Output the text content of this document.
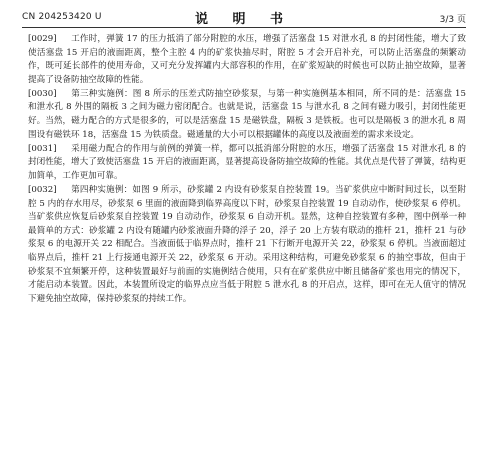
CN 204253420 U	说 明 书	3/3 页

[0029] 工作时，弹簧 17 的压力抵消了部分附腔的水压，增强了活塞盘 15 对泄水孔 8 的封闭性能，增大了致使活塞盘 15 开启的液面距离，整个主腔 4 内的矿浆快抽尽时，附腔 5 才会开启补充，可以防止活塞盘的频繁动作，既可延长部件的使用寿命，又可充分发挥罐内大部容积的作用，在矿浆短缺的时候也可以防止抽空故障，显著提高了设备防抽空故障的性能。

[0030] 第三种实施例：图 8 所示的压差式防抽空砂浆泵，与第一种实施例基本相同，所不同的是：活塞盘 15 和泄水孔 8 外围的隔板 3 之间为磁力密闭配合。也就是说，活塞盘 15 与泄水孔 8 之间有磁力吸引，封闭性能更好。当然，磁力配合的方式是很多的，可以是活塞盘 15 是磁铁盘，隔板 3 是铁板。也可以是隔板 3 的泄水孔 8 周围设有磁铁环 18，活塞盘 15 为铁质盘。磁通量的大小可以根据罐体的高度以及液面差的需求来设定。

[0031] 采用磁力配合的作用与前例的弹簧一样，都可以抵消部分附腔的水压，增强了活塞盘 15 对泄水孔 8 的封闭性能，增大了致使活塞盘 15 开启的液面距离，显著提高设备防抽空故障的性能。其优点是代替了弹簧，结构更加简单，工作更加可靠。

[0032] 第四种实施例：如图 9 所示，砂浆罐 2 内设有砂浆泵自控装置 19。当矿浆供应中断时间过长，以至附腔 5 内的存水用尽，砂浆泵 6 里面的液面降到临界高度以下时，砂浆泵自控装置 19 自动动作，使砂浆泵 6 停机。当矿浆供应恢复后砂浆泵自控装置 19 自动动作，砂浆泵 6 自动开机。显然，这种自控装置有多种，图中例举一种最简单的方式：砂浆罐 2 内设有随罐内砂浆液面升降的浮子 20，浮子 20 上方装有联动的推杆 21，推杆 21 与砂浆泵 6 的电源开关 22 相配合。当液面低于临界点时，推杆 21 下行断开电源开关 22，砂浆泵 6 停机。当液面超过临界点后，推杆 21 上行接通电源开关 22，砂浆泵 6 开动。采用这种结构，可避免砂浆泵 6 的抽空事故，但由于砂浆泵不宜频繁开停，这种装置最好与前面的实施例结合使用，只有在矿浆供应中断且储备矿浆也用完的情况下，才能启动本装置。因此，本装置所设定的临界点应当低于附腔 5 泄水孔 8 的开启点，这样，即可在无人值守的情况下避免抽空故障，保持砂浆泵的持续工作。
